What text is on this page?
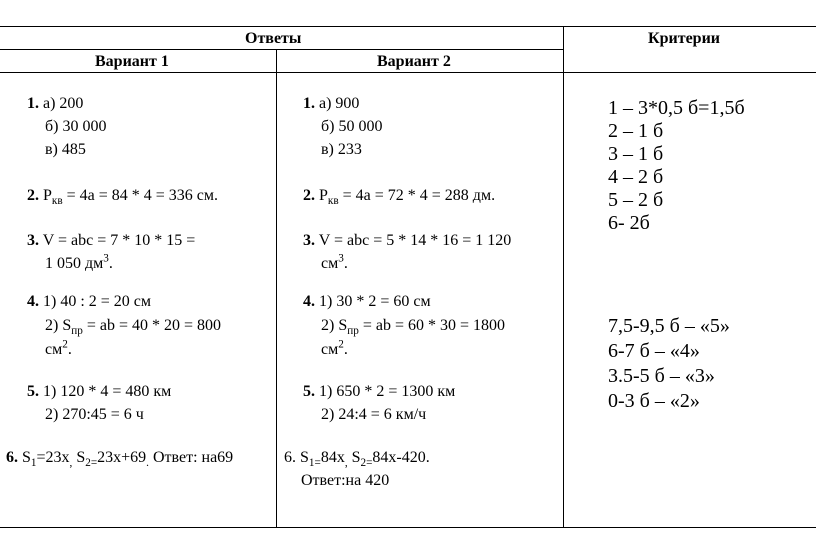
Ответы	Критерии
Вариант 1	Вариант 2
1. а) 200
б) 30 000
в) 485
2. $P_{кв} = 4a = 84 * 4 = 336$ см.
3. V = abc = 7 * 10 * 15 =
1 050 $дм^3$.
4. 1) 40 : 2 = 20 см
2) $S_{пр}$ = ab = 40 * 20 = 800
$см^2$.
5. 1) 120 * 4 = 480 км
2) 270:45 = 6 ч
6. $S_1=23x_,$ $S_{2=}23x+69_.$ Ответ: на69
1. а) 900
б) 50 000
в) 233
2. $P_{кв} = 4a = 72 * 4 = 288$ дм.
3. V = abc = 5 * 14 * 16 = 1 120
$см^3$.
4. 1) 30 * 2 = 60 см
2) $S_{пр}$ = ab = 60 * 30 = 1800
$см^2$.
5. 1) 650 * 2 = 1300 км
2) 24:4 = 6 км/ч
6. $S_{1=}84x_,$ $S_{2=}84x-420$.
Ответ:на 420
1 – 3*0,5 б=1,5б
2 – 1 б
3 – 1 б
4 – 2 б
5 – 2 б
6- 2б
7,5-9,5 б – «5»
6-7 б – «4»
3.5-5 б – «3»
0-3 б – «2»
